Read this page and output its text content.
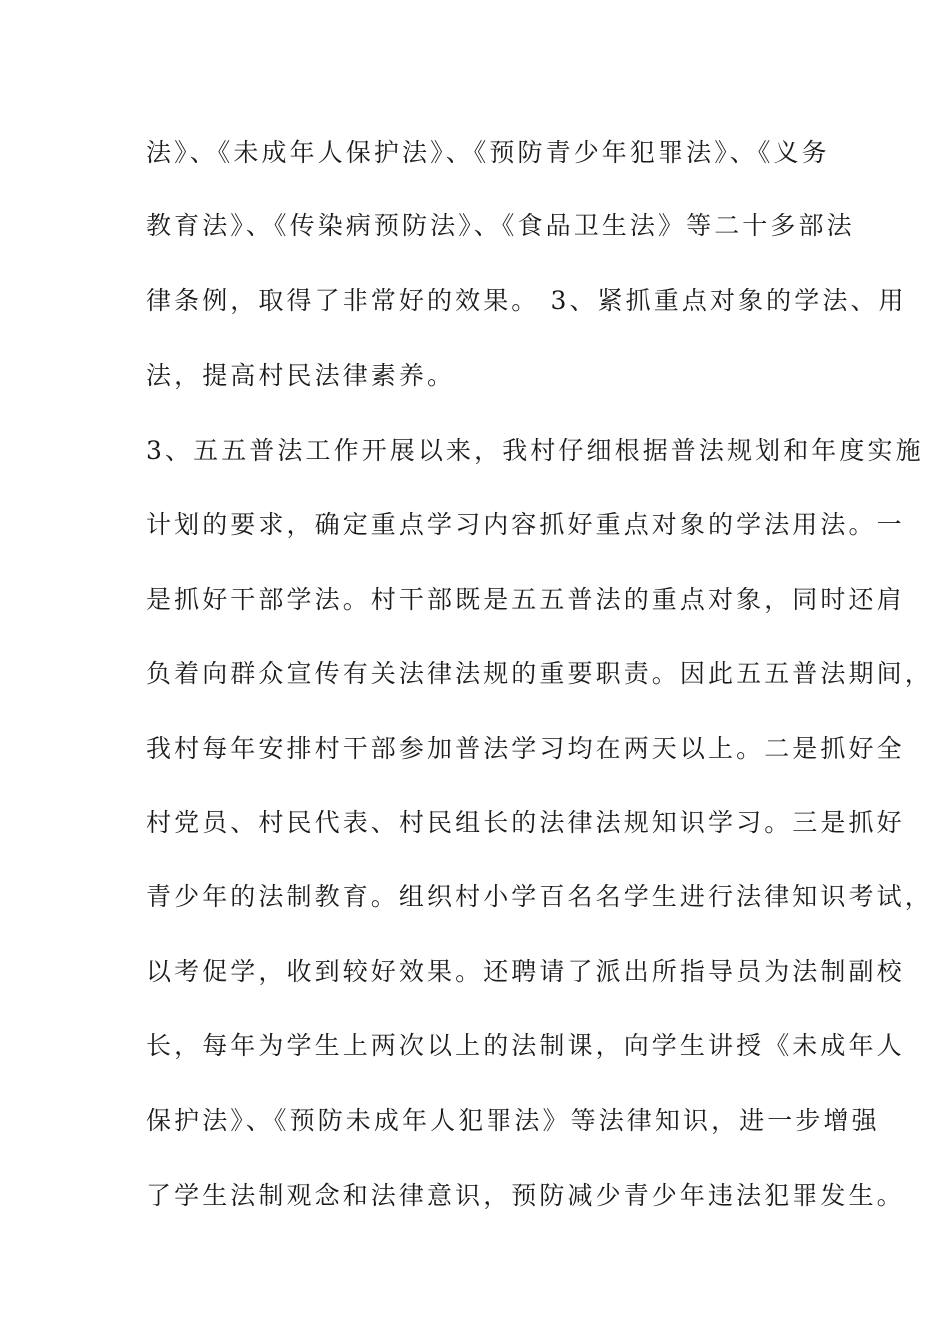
法》、《未成年人保护法》、《预防青少年犯罪法》、《义务
教育法》、《传染病预防法》、《食品卫生法》等二十多部法
律条例，取得了非常好的效果。 3、紧抓重点对象的学法、用
法，提高村民法律素养。
3、五五普法工作开展以来，我村仔细根据普法规划和年度实施
计划的要求，确定重点学习内容抓好重点对象的学法用法。一
是抓好干部学法。村干部既是五五普法的重点对象，同时还肩
负着向群众宣传有关法律法规的重要职责。因此五五普法期间，
我村每年安排村干部参加普法学习均在两天以上。二是抓好全
村党员、村民代表、村民组长的法律法规知识学习。三是抓好
青少年的法制教育。组织村小学百名名学生进行法律知识考试，
以考促学，收到较好效果。还聘请了派出所指导员为法制副校
长，每年为学生上两次以上的法制课，向学生讲授《未成年人
保护法》、《预防未成年人犯罪法》等法律知识，进一步增强
了学生法制观念和法律意识，预防减少青少年违法犯罪发生。
